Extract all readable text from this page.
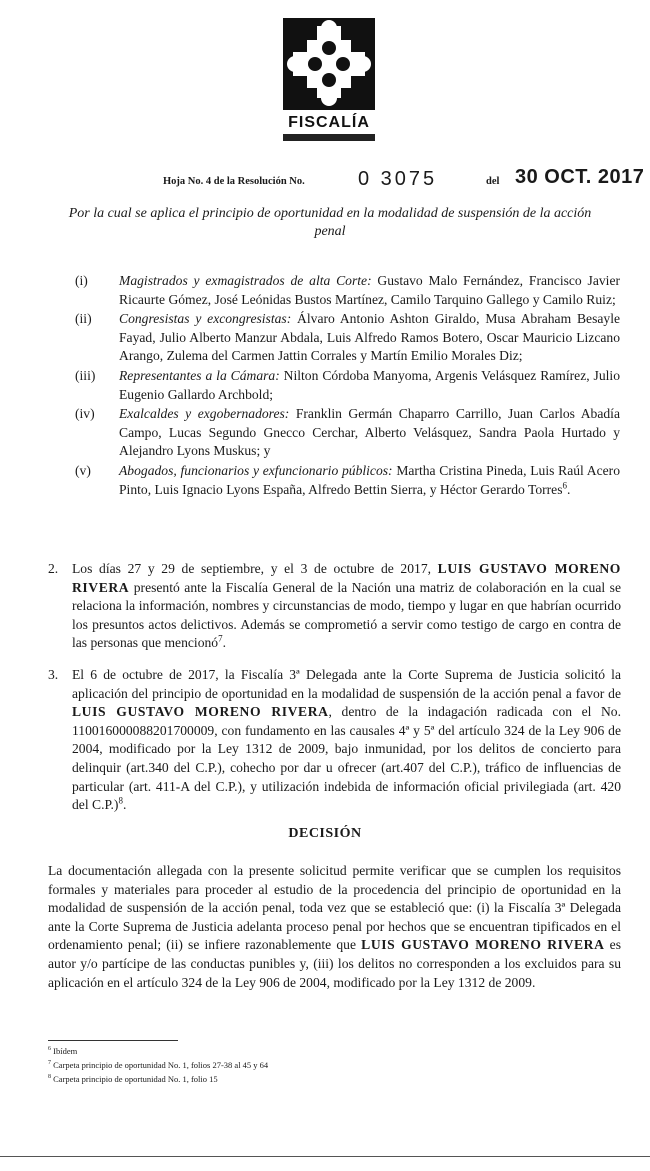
FISCALÍA
Hoja No. 4 de la Resolución No.	0 3075	del 30 OCT. 2017
Por la cual se aplica el principio de oportunidad en la modalidad de suspensión de la acción penal
(i)	Magistrados y exmagistrados de alta Corte: Gustavo Malo Fernández, Francisco Javier Ricaurte Gómez, José Leónidas Bustos Martínez, Camilo Tarquino Gallego y Camilo Ruiz;
(ii)	Congresistas y excongresistas: Álvaro Antonio Ashton Giraldo, Musa Abraham Besayle Fayad, Julio Alberto Manzur Abdala, Luis Alfredo Ramos Botero, Oscar Mauricio Lizcano Arango, Zulema del Carmen Jattin Corrales y Martín Emilio Morales Diz;
(iii)	Representantes a la Cámara: Nilton Córdoba Manyoma, Argenis Velásquez Ramírez, Julio Eugenio Gallardo Archbold;
(iv)	Exalcaldes y exgobernadores: Franklin Germán Chaparro Carrillo, Juan Carlos Abadía Campo, Lucas Segundo Gnecco Cerchar, Alberto Velásquez, Sandra Paola Hurtado y Alejandro Lyons Muskus; y
(v)	Abogados, funcionarios y exfuncionario públicos: Martha Cristina Pineda, Luis Raúl Acero Pinto, Luis Ignacio Lyons España, Alfredo Bettin Sierra, y Héctor Gerardo Torres$^6$.
2. Los días 27 y 29 de septiembre, y el 3 de octubre de 2017, LUIS GUSTAVO MORENO RIVERA presentó ante la Fiscalía General de la Nación una matriz de colaboración en la cual se relaciona la información, nombres y circunstancias de modo, tiempo y lugar en que habrían ocurrido los presuntos actos delictivos. Además se comprometió a servir como testigo de cargo en contra de las personas que mencionó$^7$.
3. El 6 de octubre de 2017, la Fiscalía 3ª Delegada ante la Corte Suprema de Justicia solicitó la aplicación del principio de oportunidad en la modalidad de suspensión de la acción penal a favor de LUIS GUSTAVO MORENO RIVERA, dentro de la indagación radicada con el No. 110016000088201700009, con fundamento en las causales 4ª y 5ª del artículo 324 de la Ley 906 de 2004, modificado por la Ley 1312 de 2009, bajo inmunidad, por los delitos de concierto para delinquir (art.340 del C.P.), cohecho por dar u ofrecer (art.407 del C.P.), tráfico de influencias de particular (art. 411-A del C.P.), y utilización indebida de información oficial privilegiada (art. 420 del C.P.)$^8$.
DECISIÓN
La documentación allegada con la presente solicitud permite verificar que se cumplen los requisitos formales y materiales para proceder al estudio de la procedencia del principio de oportunidad en la modalidad de suspensión de la acción penal, toda vez que se estableció que: (i) la Fiscalía 3ª Delegada ante la Corte Suprema de Justicia adelanta proceso penal por hechos que se encuentran tipificados en el ordenamiento penal; (ii) se infiere razonablemente que LUIS GUSTAVO MORENO RIVERA es autor y/o partícipe de las conductas punibles y, (iii) los delitos no corresponden a los excluidos para su aplicación en el artículo 324 de la Ley 906 de 2004, modificado por la Ley 1312 de 2009.
$^6$ Ibídem
$^7$ Carpeta principio de oportunidad No. 1, folios 27-38 al 45 y 64
$^8$ Carpeta principio de oportunidad No. 1, folio 15
